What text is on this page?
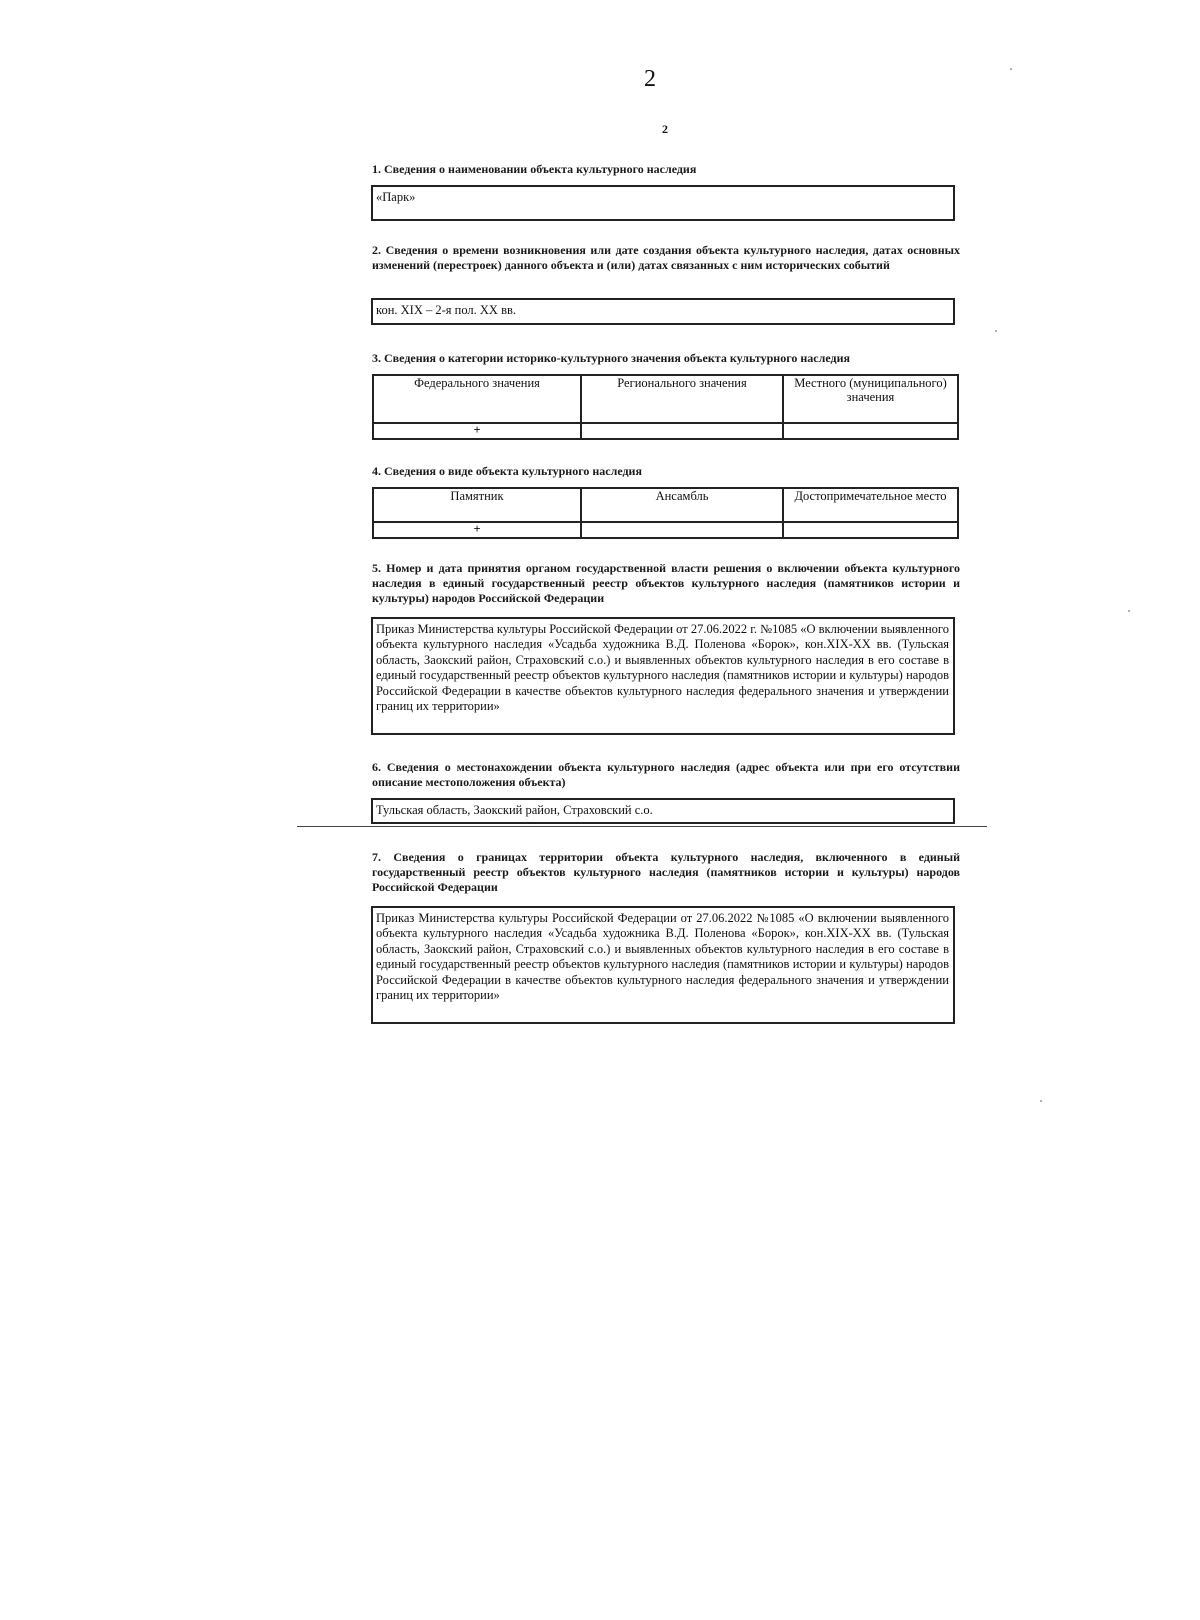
2
2
1. Сведения о наименовании объекта культурного наследия
«Парк»
2. Сведения о времени возникновения или дате создания объекта культурного наследия, датах основных изменений (перестроек) данного объекта и (или) датах связанных с ним исторических событий
кон. XIX – 2-я пол. XX вв.
3. Сведения о категории историко-культурного значения объекта культурного наследия
Федерального значения	Регионального значения	Местного (муниципального) значения
+		
4. Сведения о виде объекта культурного наследия
Памятник	Ансамбль	Достопримечательное место
+		
5. Номер и дата принятия органом государственной власти решения о включении объекта культурного наследия в единый государственный реестр объектов культурного наследия (памятников истории и культуры) народов Российской Федерации
Приказ Министерства культуры Российской Федерации от 27.06.2022 г. №1085 «О включении выявленного объекта культурного наследия «Усадьба художника В.Д. Поленова «Борок», кон.XIX-XX вв. (Тульская область, Заокский район, Страховский с.о.) и выявленных объектов культурного наследия в его составе в единый государственный реестр объектов культурного наследия (памятников истории и культуры) народов Российской Федерации в качестве объектов культурного наследия федерального значения и утверждении границ их территории»
6. Сведения о местонахождении объекта культурного наследия (адрес объекта или при его отсутствии описание местоположения объекта)
Тульская область, Заокский район, Страховский с.о.
7. Сведения о границах территории объекта культурного наследия, включенного в единый государственный реестр объектов культурного наследия (памятников истории и культуры) народов Российской Федерации
Приказ Министерства культуры Российской Федерации от 27.06.2022 №1085 «О включении выявленного объекта культурного наследия «Усадьба художника В.Д. Поленова «Борок», кон.XIX-XX вв. (Тульская область, Заокский район, Страховский с.о.) и выявленных объектов культурного наследия в его составе в единый государственный реестр объектов культурного наследия (памятников истории и культуры) народов Российской Федерации в качестве объектов культурного наследия федерального значения и утверждении границ их территории»
